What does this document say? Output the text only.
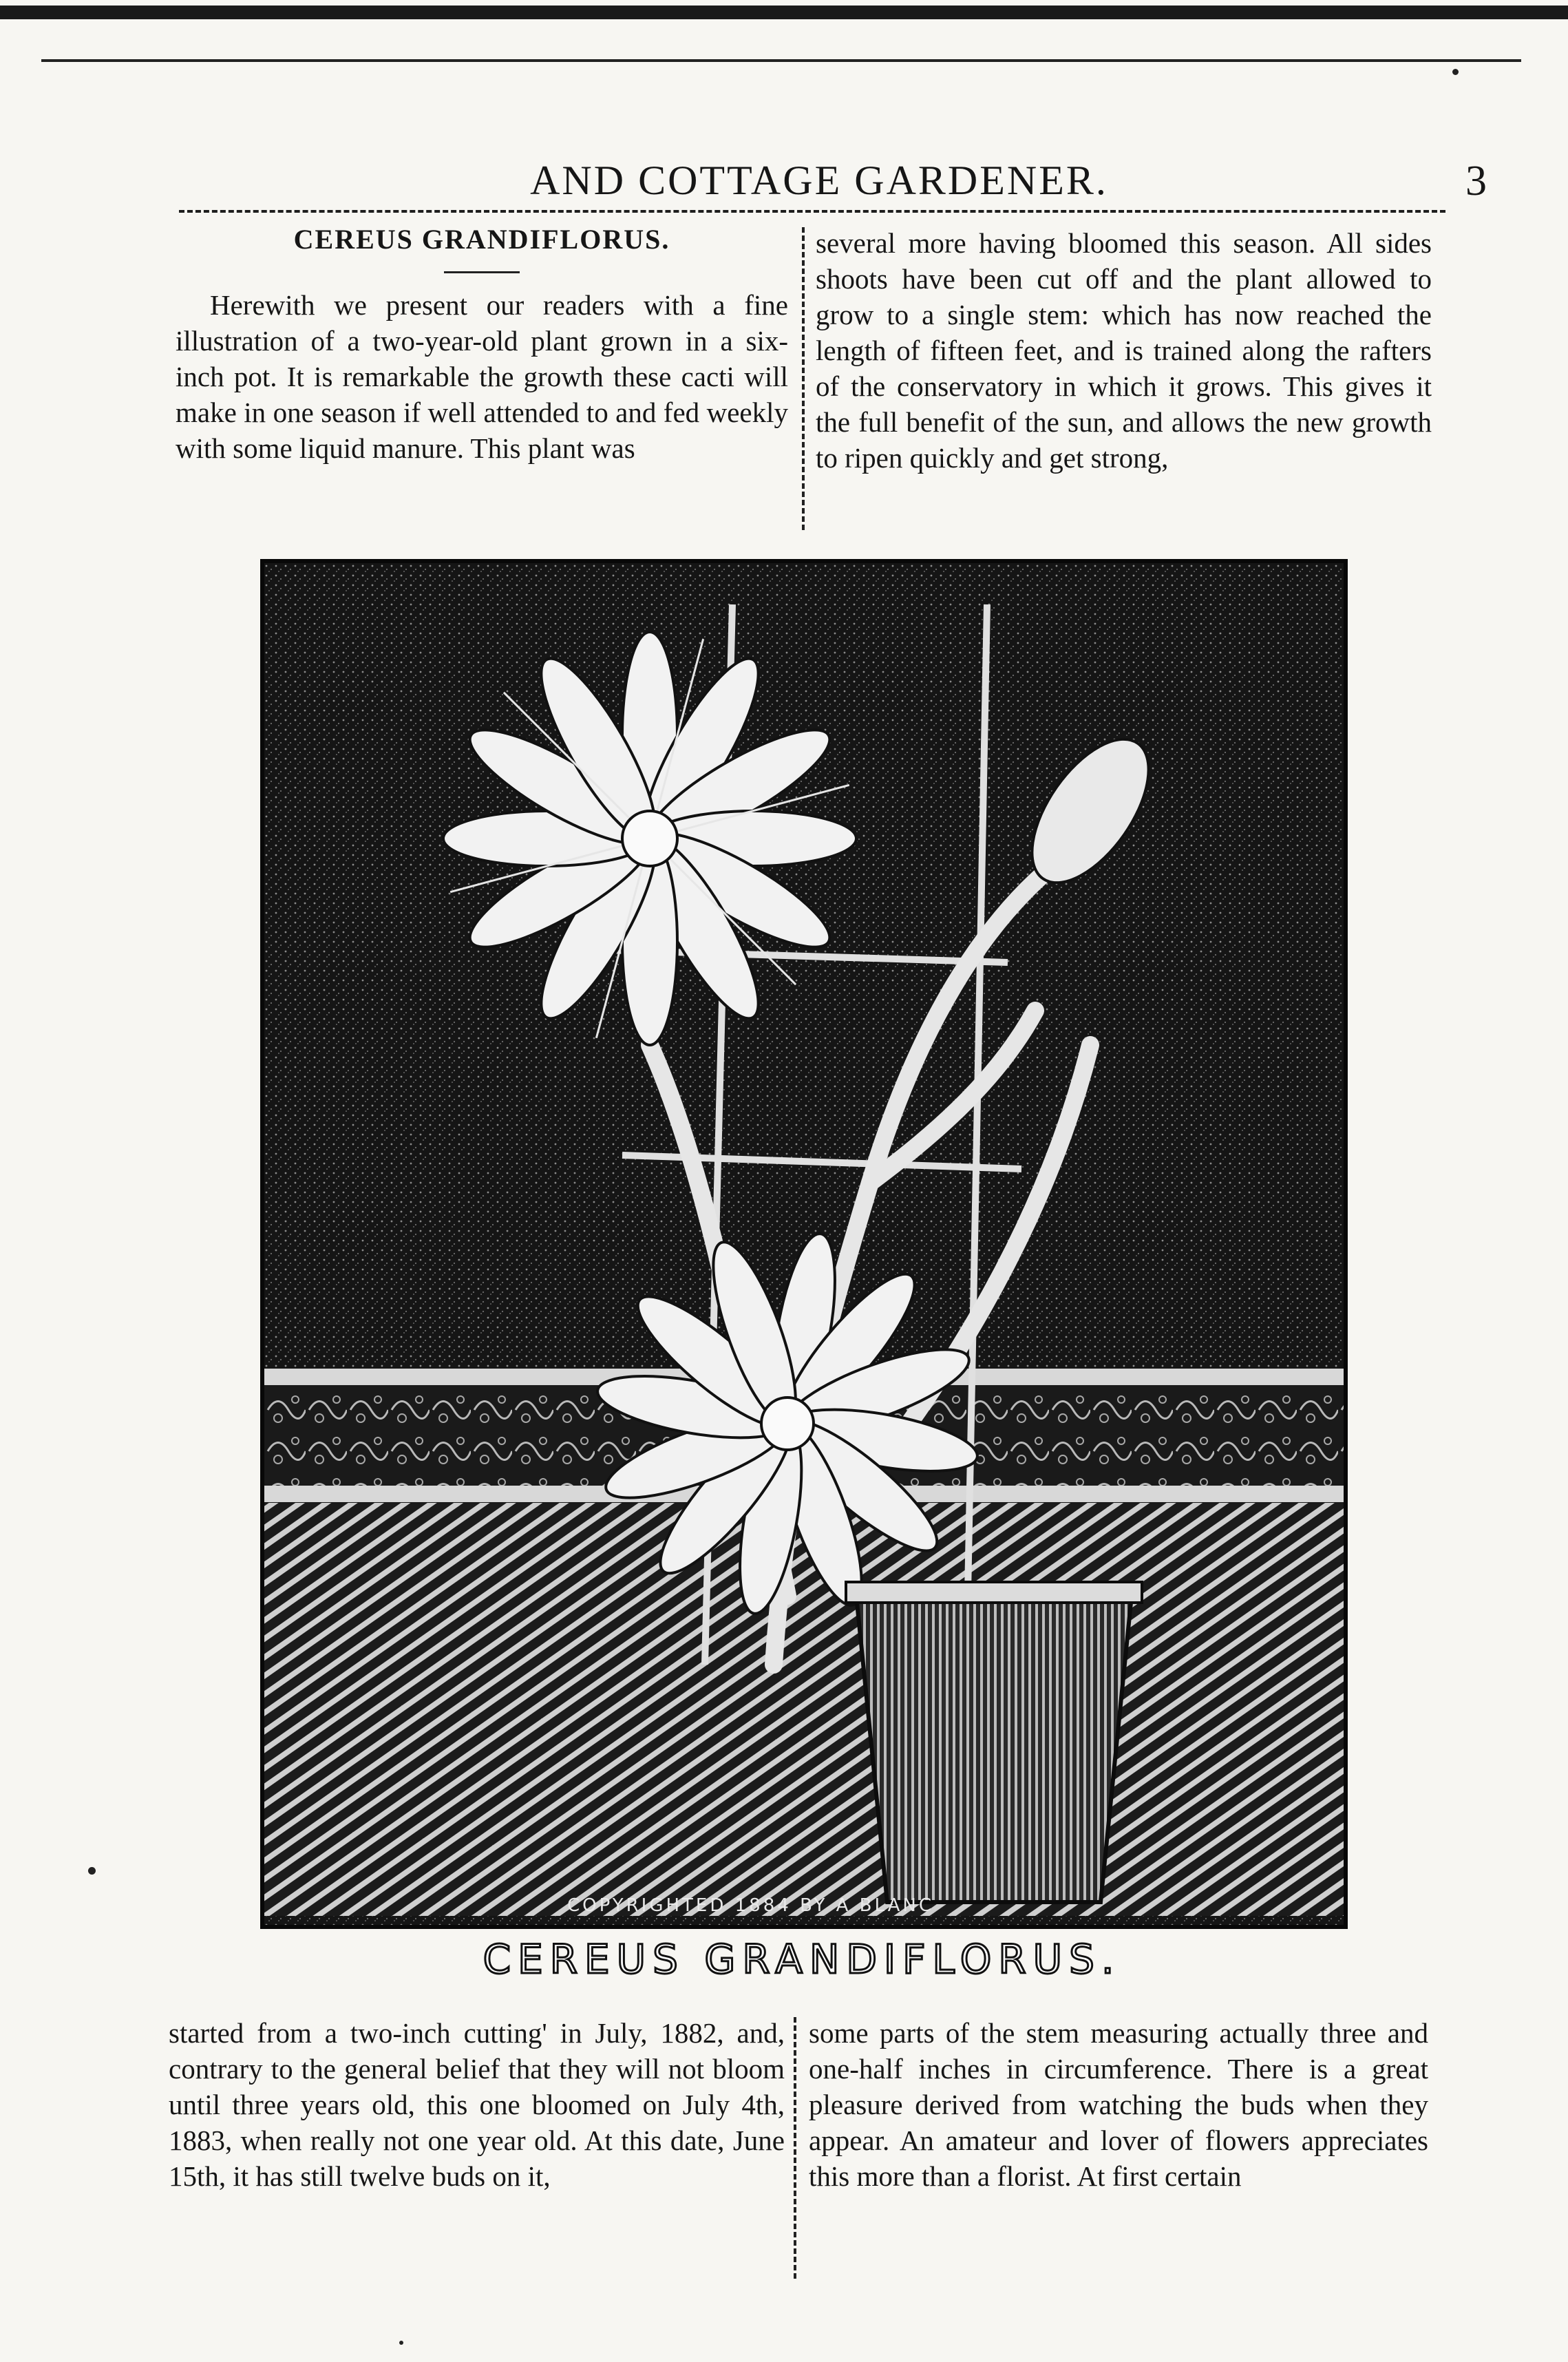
AND COTTAGE GARDENER.	3
CEREUS GRANDIFLORUS.

Herewith we present our readers with a fine illustration of a two-year-old plant grown in a six-inch pot. It is remarkable the growth these cacti will make in one season if well attended to and fed weekly with some liquid manure. This plant was

several more having bloomed this season. All sides shoots have been cut off and the plant allowed to grow to a single stem: which has now reached the length of fifteen feet, and is trained along the rafters of the conservatory in which it grows. This gives it the full benefit of the sun, and allows the new growth to ripen quickly and get strong,

COPYRIGHTED 1884 BY A BLANC
CEREUS GRANDIFLORUS.

started from a two-inch cutting' in July, 1882, and, contrary to the general belief that they will not bloom until three years old, this one bloomed on July 4th, 1883, when really not one year old. At this date, June 15th, it has still twelve buds on it,

some parts of the stem measuring actually three and one-half inches in circumference. There is a great pleasure derived from watching the buds when they appear. An amateur and lover of flowers appreciates this more than a florist. At first certain
